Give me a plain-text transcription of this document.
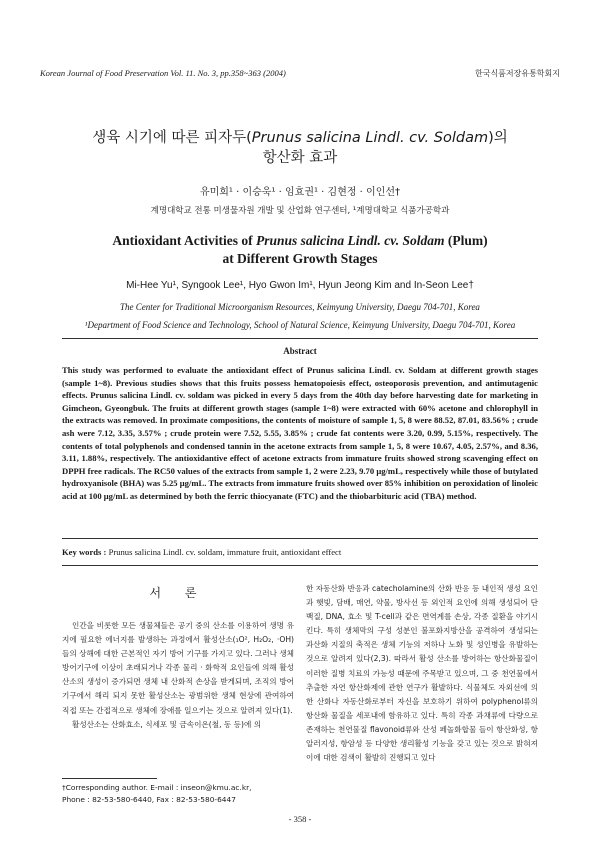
Korean Journal of Food Preservation Vol. 11. No. 3, pp.358~363 (2004)	한국식품저장유통학회지
생육 시기에 따른 피자두(Prunus salicina Lindl. cv. Soldam)의
항산화 효과
유미희¹ · 이승욱¹ · 임효권¹ · 김현정 · 이인선†
계명대학교 전통 미생물자원 개발 및 산업화 연구센터, ¹계명대학교 식품가공학과
Antioxidant Activities of Prunus salicina Lindl. cv. Soldam (Plum)
at Different Growth Stages
Mi-Hee Yu¹, Syngook Lee¹, Hyo Gwon Im¹, Hyun Jeong Kim and In-Seon Lee†
The Center for Traditional Microorganism Resources, Keimyung University, Daegu 704-701, Korea
¹Department of Food Science and Technology, School of Natural Science, Keimyung University, Daegu 704-701, Korea
Abstract
This study was performed to evaluate the antioxidant effect of Prunus salicina Lindl. cv. Soldam at different growth stages (sample 1~8). Previous studies shows that this fruits possess hematopoiesis effect, osteoporosis prevention, and antimutagenic effects. Prunus salicina Lindl. cv. soldam was picked in every 5 days from the 40th day before harvesting date for marketing in Gimcheon, Gyeongbuk. The fruits at different growth stages (sample 1~8) were extracted with 60% acetone and chlorophyll in the extracts was removed. In proximate compositions, the contents of moisture of sample 1, 5, 8 were 88.52, 87.01, 83.56% ; crude ash were 7.12, 3.35, 3.57% ; crude protein were 7.52, 5.55, 3.85% ; crude fat contents were 3.20, 0.99, 5.15%, respectively. The contents of total polyphenols and condensed tannin in the acetone extracts from sample 1, 5, 8 were 10.67, 4.05, 2.57%, and 8.36, 3.11, 1.88%, respectively. The antioxidantive effect of acetone extracts from immature fruits showed strong scavenging effect on DPPH free radicals. The RC50 values of the extracts from sample 1, 2 were 2.23, 9.70 μg/mL, respectively while those of butylated hydroxyanisole (BHA) was 5.25 μg/mL. The extracts from immature fruits showed over 85% inhibition on peroxidation of linoleic acid at 100 μg/mL as determined by both the ferric thiocyanate (FTC) and the thiobarbituric acid (TBA) method.
Key words : Prunus salicina Lindl. cv. soldam, immature fruit, antioxidant effect
서 론

인간을 비롯한 모든 생물체들은 공기 중의 산소를 이용하여 생명 유지에 필요한 에너지를 발생하는 과정에서 활성산소(₁O², H₂O₂, ·OH)들의 상해에 대한 근본적인 자기 방어 기구를 가지고 있다. 그러나 생체방어기구에 이상이 초래되거나 각종 물리 · 화학적 요인들에 의해 활성산소의 생성이 증가되면 생체 내 산화적 손상을 받게되며, 조직의 방어 기구에서 해리 되지 못한 활성산소는 광범위한 생체 현상에 관여하여 직접 또는 간접적으로 생체에 장애를 일으키는 것으로 알려져 있다(1).

활성산소는 산화효소, 식세포 및 금속이온(철, 동 등)에 의

한 자동산화 반응과 catecholamine의 산화 반응 등 내인적 생성 요인과 햇빛, 담배, 매연, 약물, 방사선 등 외인적 요인에 의해 생성되어 단백질, DNA, 효소 및 T-cell과 같은 면역계를 손상, 각종 질환을 야기시킨다. 특히 생체막의 구성 성분인 불포화지방산을 공격하여 생성되는 과산화 지질의 축적은 생체 기능의 저하나 노화 및 성인병을 유발하는 것으로 알려져 있다(2,3). 따라서 활성 산소를 방어하는 항산화물질이 이러한 질병 치료의 가능성 때문에 주목받고 있으며, 그 중 천연물에서 추출한 자연 항산화제에 관한 연구가 활발하다. 식물체도 자외선에 의한 산화나 자동산화로부터 자신을 보호하기 위하여 polyphenol류의 항산화 물질을 세포내에 함유하고 있다. 특히 각종 과채류에 다량으로 존재하는 천연물질 flavonoid류와 산성 페놀화합물 들이 항산화성, 항알러지성, 항암성 등 다양한 생리활성 기능을 갖고 있는 것으로 밝혀져 이에 대한 검색이 활발히 진행되고 있다

†Corresponding author. E-mail : inseon@kmu.ac.kr,
Phone : 82-53-580-6440, Fax : 82-53-580-6447
- 358 -
